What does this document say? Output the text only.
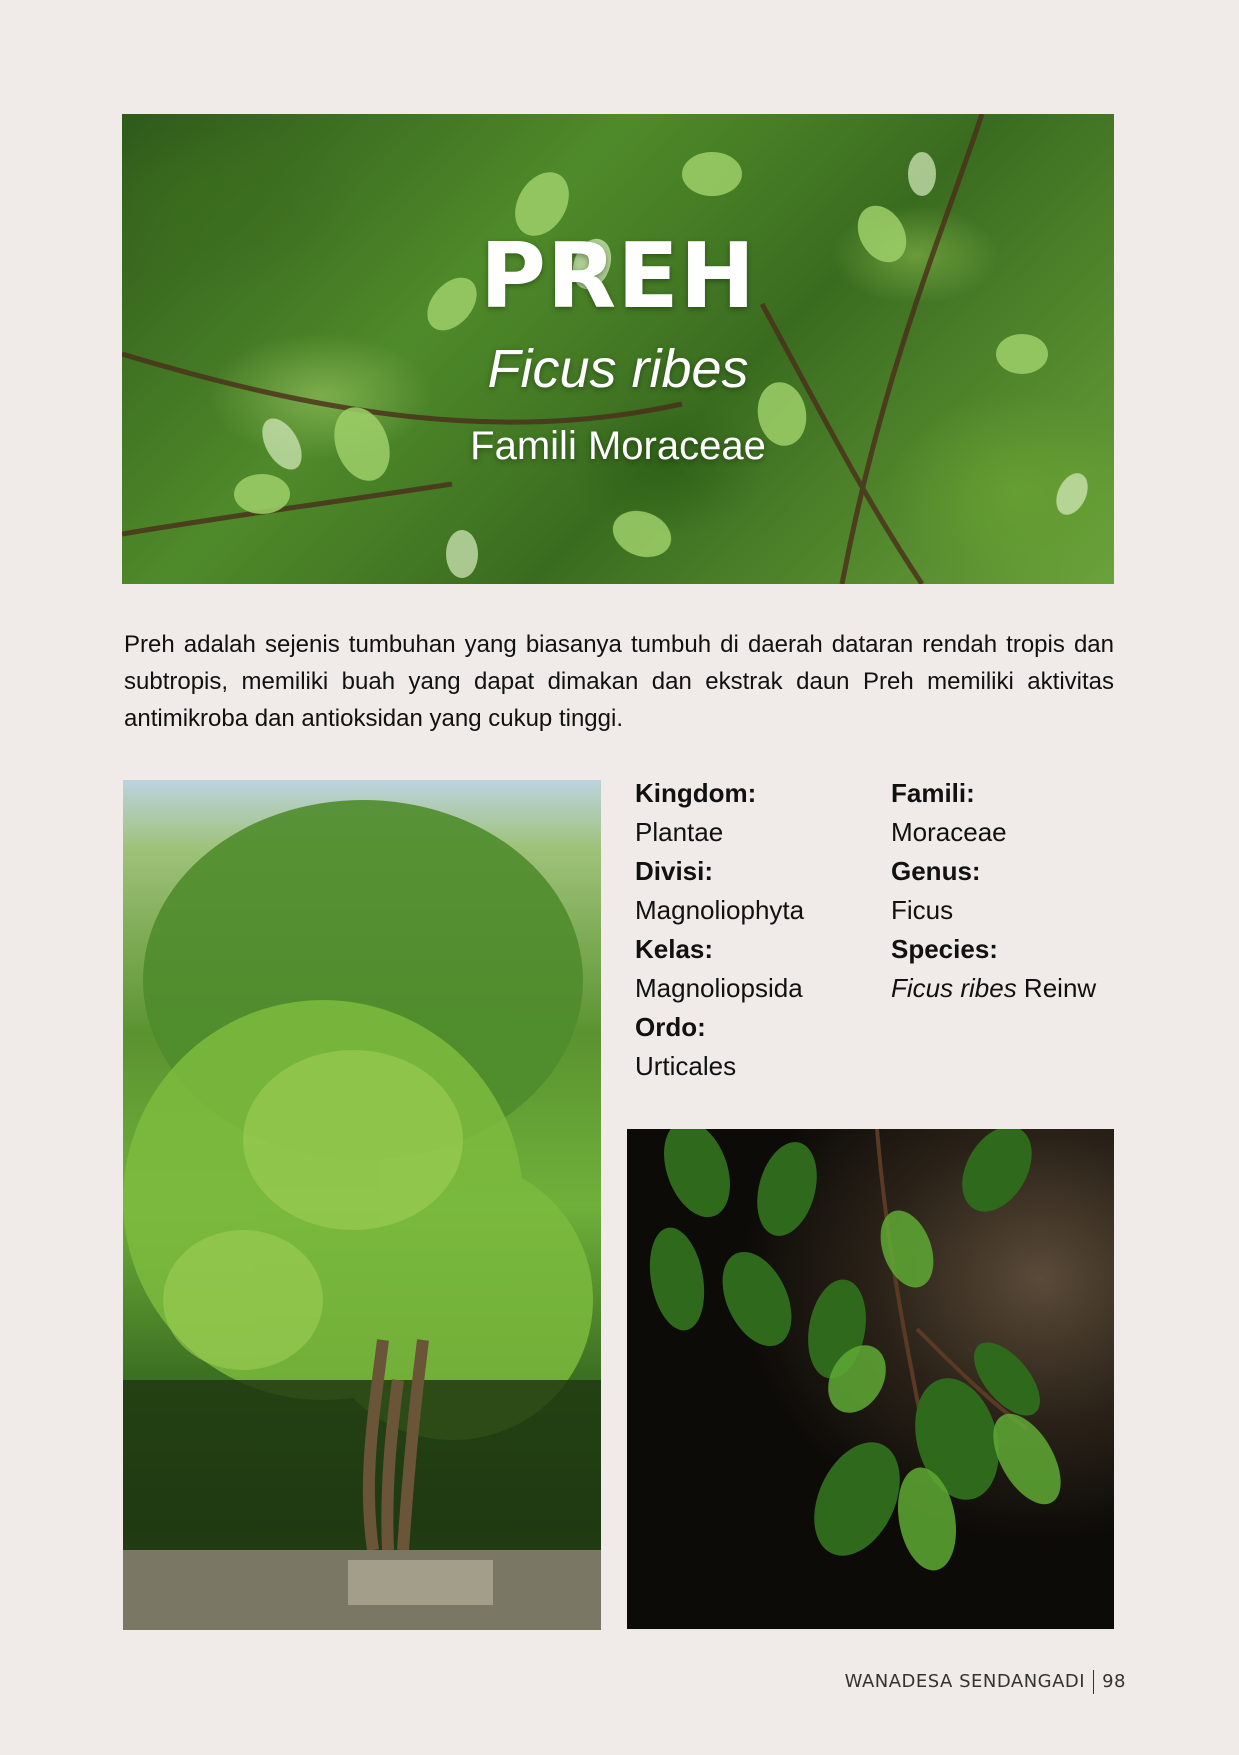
PREH
Ficus ribes
Famili Moraceae

Preh adalah sejenis tumbuhan yang biasanya tumbuh di daerah dataran rendah tropis dan subtropis, memiliki buah yang dapat dimakan dan ekstrak daun Preh memiliki aktivitas antimikroba dan antioksidan yang cukup tinggi.

Kingdom:
Plantae
Divisi:
Magnoliophyta
Kelas:
Magnoliopsida
Ordo:
Urticales
Famili:
Moraceae
Genus:
Ficus
Species:
Ficus ribes Reinw
WANADESA SENDANGADI 98
